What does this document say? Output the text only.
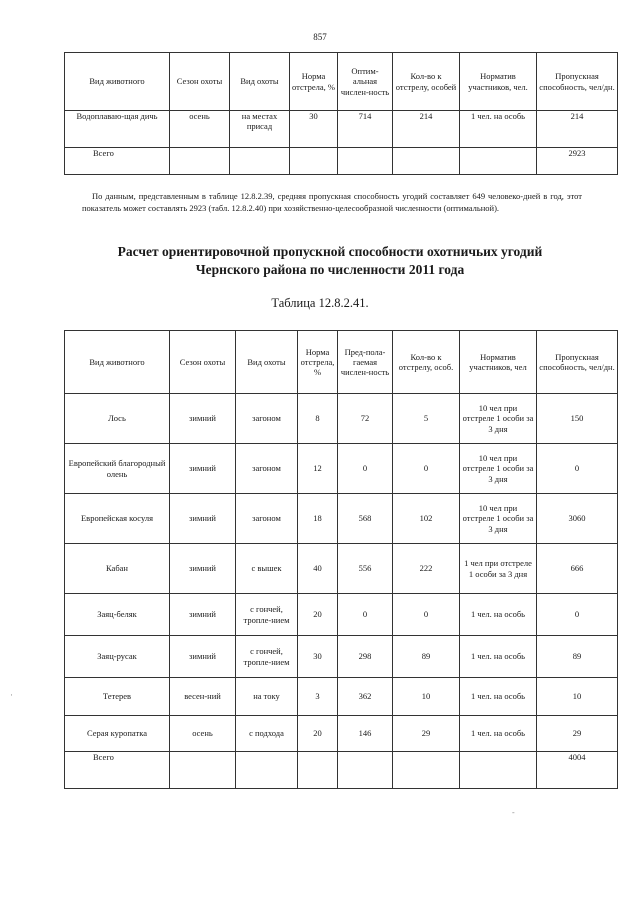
857
Вид животного	Сезон охоты	Вид охоты	Норма отстрела, %	Оптим-альная числен-ность	Кол-во к отстрелу, особей	Норматив участников, чел.	Пропускная способность, чел/дн.
Водоплаваю-щая дичь	осень	на местах присад	30	714	214	1 чел. на особь	214
Всего							2923
По данным, представленным в таблице 12.8.2.39, средняя пропускная способность угодий составляет 649 человеко-дней в год, этот показатель может составлять 2923 (табл. 12.8.2.40) при хозяйственно-целесообразной численности (оптимальной).
Расчет ориентировочной пропускной способности охотничьих угодий
Чернского района по численности 2011 года
Таблица 12.8.2.41.
Вид животного	Сезон охоты	Вид охоты	Норма отстрела, %	Пред-пола-гаемая числен-ность	Кол-во к отстрелу, особ.	Норматив участников, чел	Пропускная способность, чел/дн.
Лось	зимний	загоном	8	72	5	10 чел при отстреле 1 особи за 3 дня	150
Европейский благородный олень	зимний	загоном	12	0	0	10 чел при отстреле 1 особи за 3 дня	0
Европейская косуля	зимний	загоном	18	568	102	10 чел при отстреле 1 особи за 3 дня	3060
Кабан	зимний	с вышек	40	556	222	1 чел при отстреле 1 особи за 3 дня	666
Заяц-беляк	зимний	с гончей, тропле-нием	20	0	0	1 чел. на особь	0
Заяц-русак	зимний	с гончей, тропле-нием	30	298	89	1 чел. на особь	89
Тетерев	весен-ний	на току	3	362	10	1 чел. на особь	10
Серая куропатка	осень	с подхода	20	146	29	1 чел. на особь	29
Всего							4004
·
-
